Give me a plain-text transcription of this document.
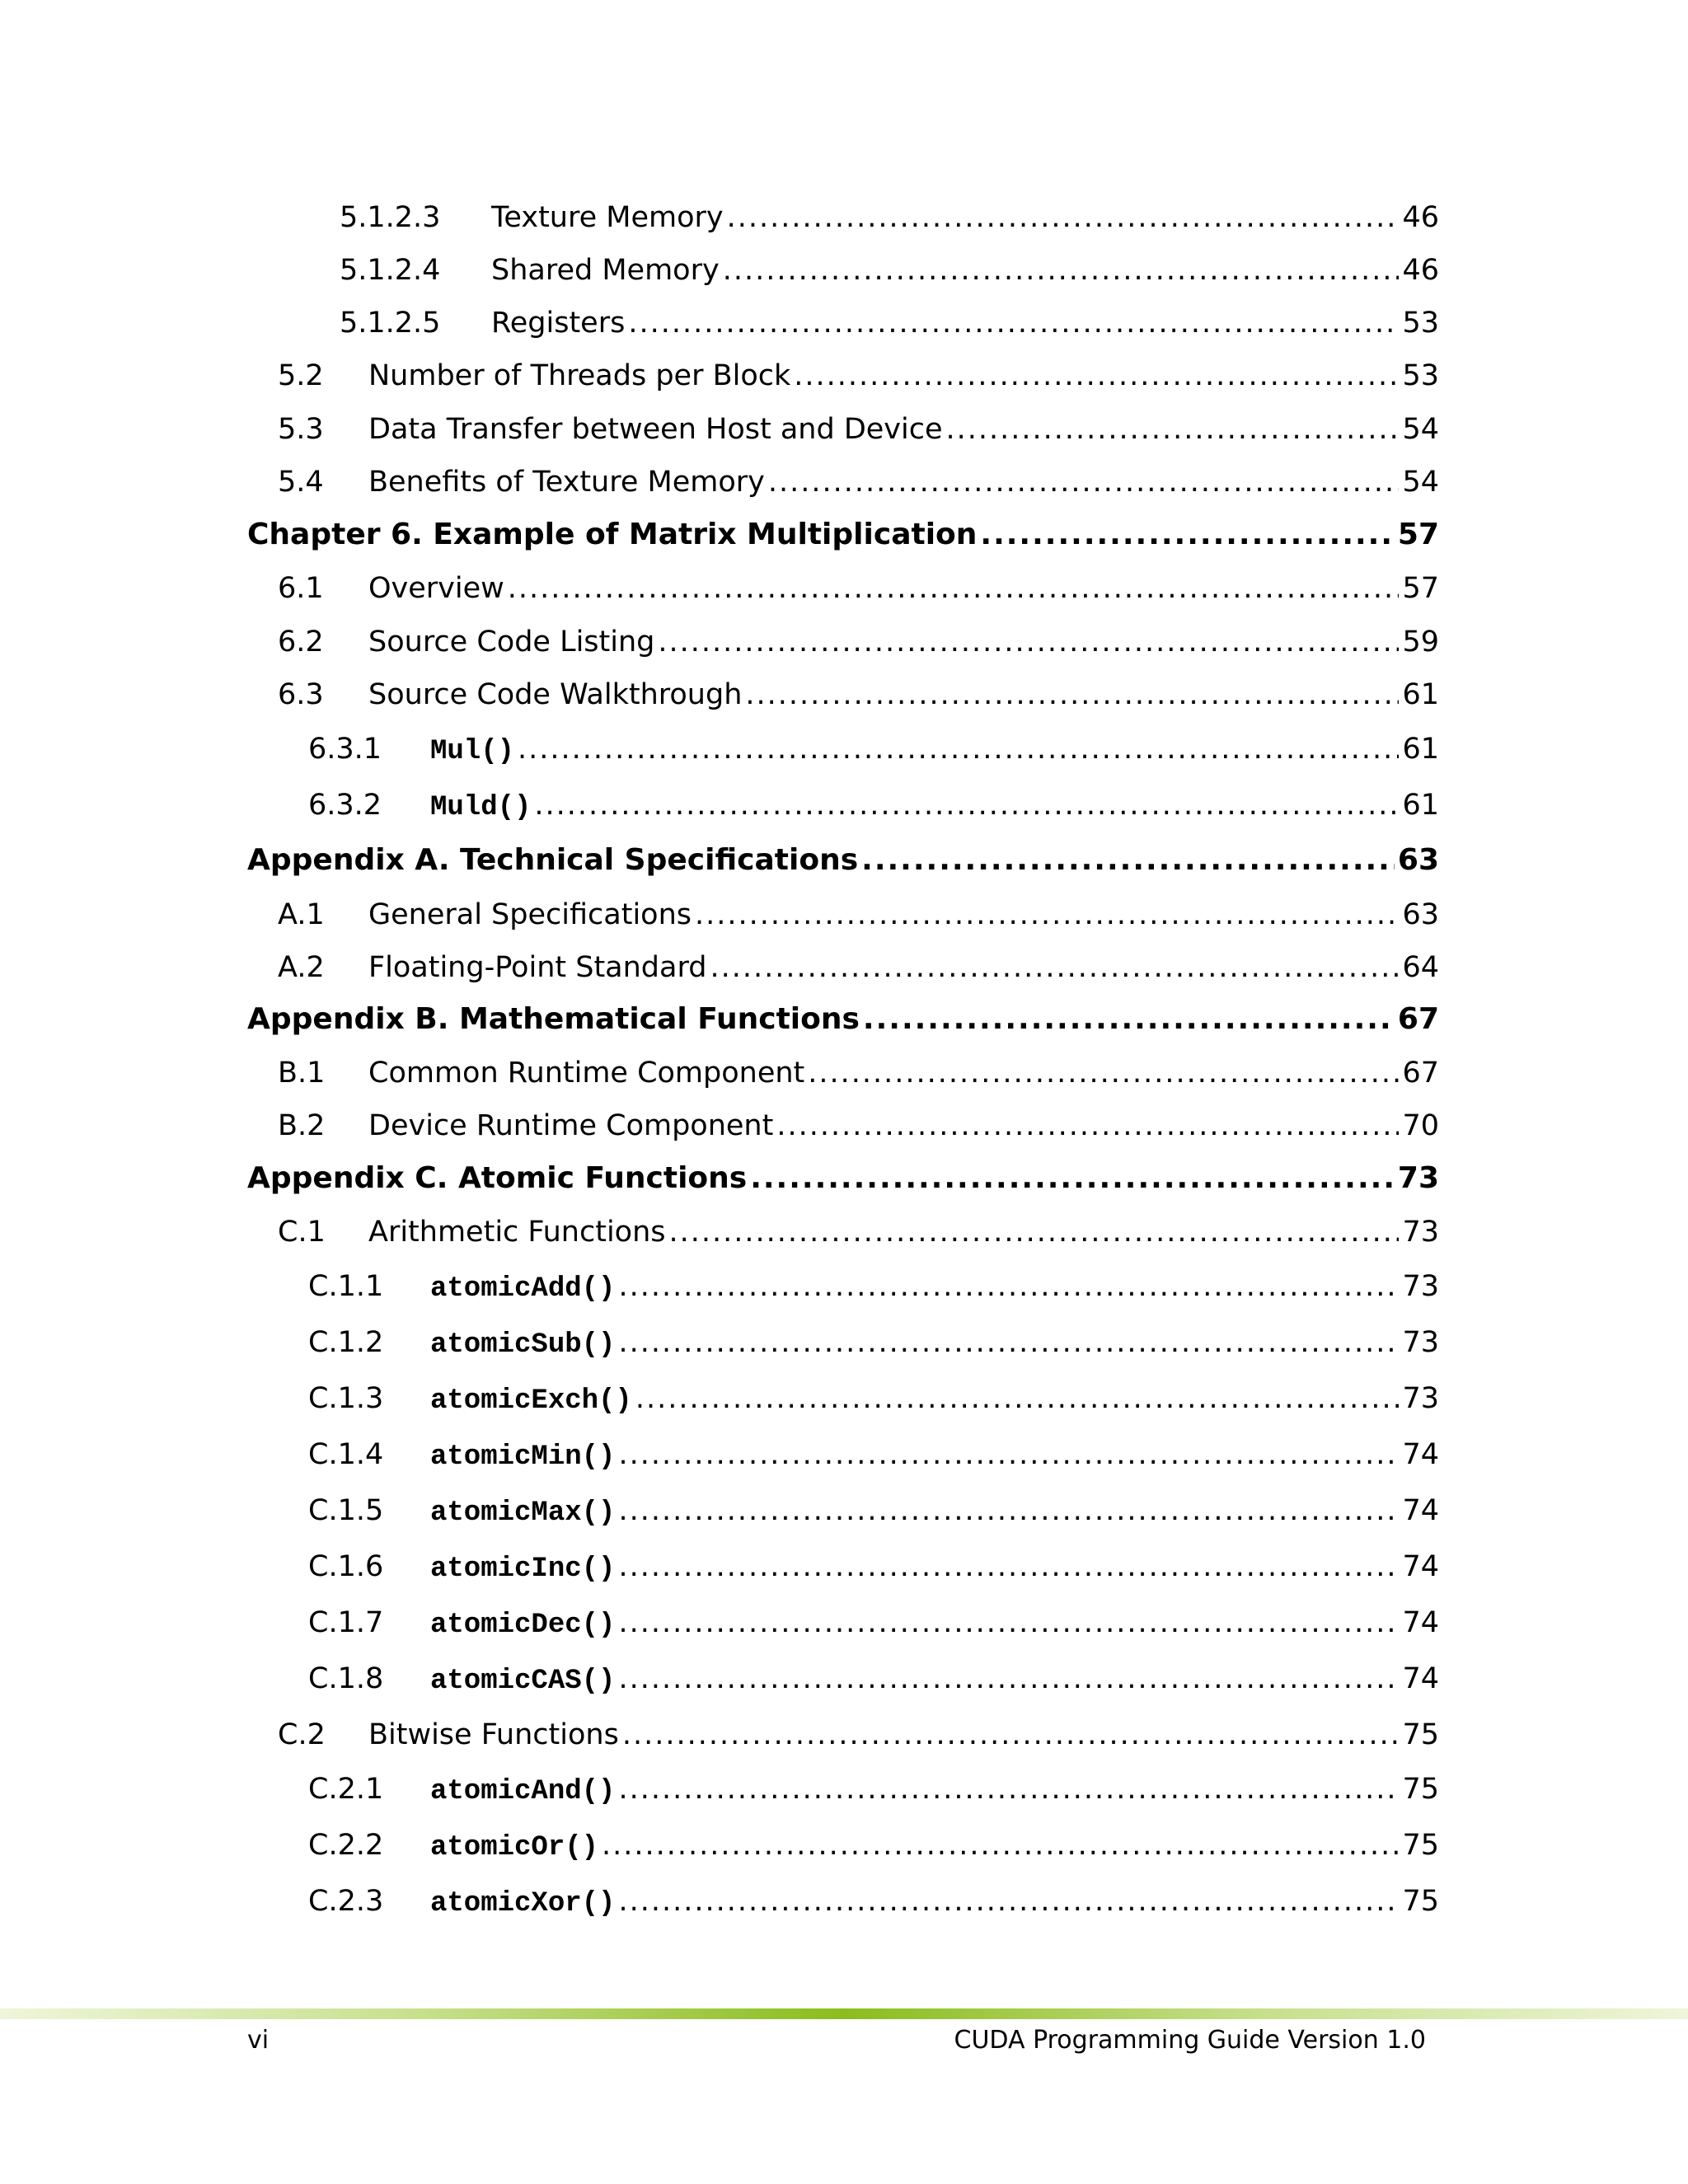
5.1.2.3	Texture Memory .....	46
5.1.2.4	Shared Memory .....	46
5.1.2.5	Registers .....	53
5.2	Number of Threads per Block .....	53
5.3	Data Transfer between Host and Device .....	54
5.4	Benefits of Texture Memory .....	54
Chapter 6. Example of Matrix Multiplication .....	57
6.1	Overview .....	57
6.2	Source Code Listing .....	59
6.3	Source Code Walkthrough .....	61
6.3.1	Mul() .....	61
6.3.2	Muld() .....	61
Appendix A. Technical Specifications .....	63
A.1	General Specifications .....	63
A.2	Floating-Point Standard .....	64
Appendix B. Mathematical Functions .....	67
B.1	Common Runtime Component .....	67
B.2	Device Runtime Component .....	70
Appendix C. Atomic Functions .....	73
C.1	Arithmetic Functions .....	73
C.1.1	atomicAdd() .....	73
C.1.2	atomicSub() .....	73
C.1.3	atomicExch() .....	73
C.1.4	atomicMin() .....	74
C.1.5	atomicMax() .....	74
C.1.6	atomicInc() .....	74
C.1.7	atomicDec() .....	74
C.1.8	atomicCAS() .....	74
C.2	Bitwise Functions .....	75
C.2.1	atomicAnd() .....	75
C.2.2	atomicOr() .....	75
C.2.3	atomicXor() .....	75
vi	CUDA Programming Guide Version 1.0
